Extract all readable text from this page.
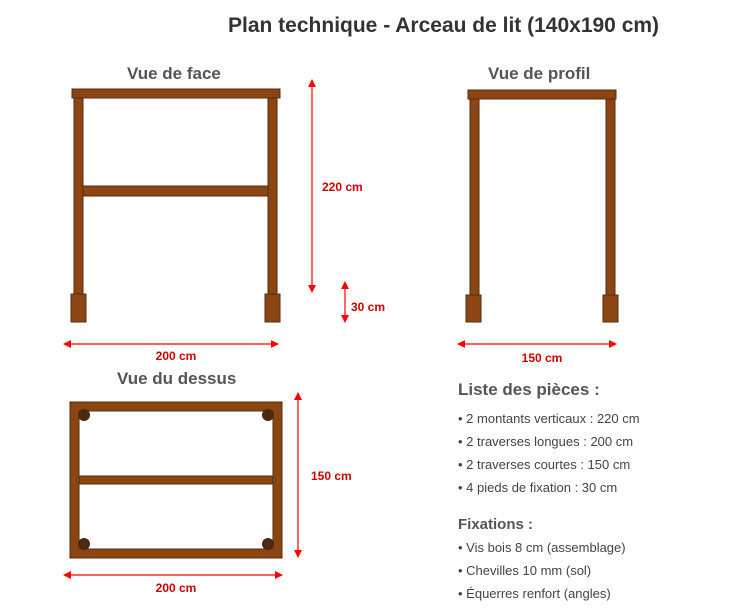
Plan technique - Arceau de lit (140x190 cm)
Vue de face	Vue de profil
Vue du dessus
220 cm
30 cm
200 cm	150 cm
150 cm
200 cm
Liste des pièces :
• 2 montants verticaux : 220 cm
• 2 traverses longues : 200 cm
• 2 traverses courtes : 150 cm
• 4 pieds de fixation : 30 cm
Fixations :
• Vis bois 8 cm (assemblage)
• Chevilles 10 mm (sol)
• Équerres renfort (angles)
